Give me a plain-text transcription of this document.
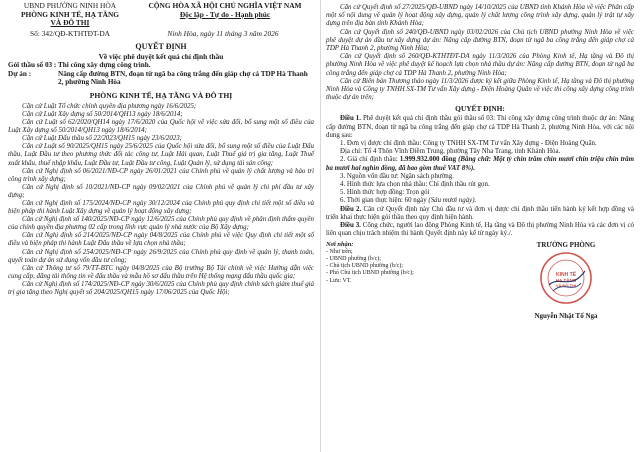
UBND PHƯỜNG NINH HÒA

PHÒNG KINH TẾ, HẠ TẦNG

VÀ ĐÔ THỊ

CỘNG HÒA XÃ HỘI CHỦ NGHĨA VIỆT NAM

Độc lập - Tự do - Hạnh phúc

Số: 342/QĐ-KTHTĐT-DA	Ninh Hòa, ngày 11 tháng 3 năm 2026

QUYẾT ĐỊNH

Về việc phê duyệt kết quả chỉ định thầu

Gói thầu số 03 : Thi công xây dựng công trình.
Dự án :	Nâng cấp đường BTN, đoạn từ ngã ba công trắng đến giáp chợ cá TDP Hà Thanh 2, phường Ninh Hòa

PHÒNG KINH TẾ, HẠ TẦNG VÀ ĐÔ THỊ

Căn cứ Luật Tổ chức chính quyền địa phương ngày 16/6/2025;

Căn cứ Luật Xây dựng số 50/2014/QH13 ngày 18/6/2014;

Căn cứ Luật số 62/2020/QH14 ngày 17/6/2020 của Quốc hội về việc sửa đổi, bổ sung một số điều của Luật Xây dựng số 50/2014/QH13 ngày 18/6/2014;

Căn cứ Luật Đấu thầu số 22/2023/QH15 ngày 23/6/2023;

Căn cứ Luật số 90/2025/QH15 ngày 25/6/2025 của Quốc hội sửa đổi, bổ sung một số điều của Luật Đấu thầu, Luật Đầu tư theo phương thức đối tác công tư, Luật Hải quan, Luật Thuế giá trị gia tăng, Luật Thuế xuất khẩu, thuế nhập khẩu, Luật Đầu tư, Luật Đầu tư công, Luật Quản lý, sử dụng tài sản công;

Căn cứ Nghị định số 06/2021/NĐ-CP ngày 26/01/2021 của Chính phủ về quản lý chất lượng và bảo trì công trình xây dựng;

Căn cứ Nghị định số 10/2021/NĐ-CP ngày 09/02/2021 của Chính phủ về quản lý chi phí đầu tư xây dựng;

Căn cứ Nghị định số 175/2024/NĐ-CP ngày 30/12/2024 của Chính phủ quy định chi tiết một số điều và biện pháp thi hành Luật Xây dựng về quản lý hoạt động xây dựng;

Căn cứ Nghị định số 140/2025/NĐ-CP ngày 12/6/2025 của Chính phủ quy định về phân định thẩm quyền của chính quyền địa phương 02 cấp trong lĩnh vực quản lý nhà nước của Bộ Xây dựng;

Căn cứ Nghị định số 214/2025/NĐ-CP ngày 04/8/2025 của Chính phủ về việc Quy định chi tiết một số điều và biện pháp thi hành Luật Đấu thầu về lựa chọn nhà thầu;

Căn cứ Nghị định số 254/2025/NĐ-CP ngày 26/9/2025 của Chính phủ quy định về quản lý, thanh toán, quyết toán dự án sử dụng vốn đầu tư công;

Căn cứ Thông tư số 79/TT-BTC ngày 04/8/2025 của Bộ trưởng Bộ Tài chính về việc Hướng dẫn việc cung cấp, đăng tải thông tin về đấu thầu và mẫu hồ sơ đấu thầu trên Hệ thống mạng đấu thầu quốc gia;

Căn cứ Nghị định số 174/2025/NĐ-CP ngày 30/6/2025 của Chính phủ quy định chính sách giảm thuế giá trị gia tăng theo Nghị quyết số 204/2025/QH15 ngày 17/06/2025 của Quốc Hội;

Căn cứ Quyết định số 27/2025/QĐ-UBND ngày 14/10/2025 của UBND tỉnh Khánh Hòa về việc Phân cấp một số nội dung về quản lý hoạt động xây dựng, quản lý chất lượng công trình xây dựng, quản lý trật tự xây dựng trên địa bàn tỉnh Khánh Hòa;

Căn cứ Quyết định số 240/QĐ-UBND ngày 03/02/2026 của Chủ tịch UBND phường Ninh Hòa về việc phê duyệt dự án đầu tư xây dựng dự án: Nâng cấp đường BTN, đoạn từ ngã ba công trắng đến giáp chợ cá TDP Hà Thanh 2, phường Ninh Hòa;

Căn cứ Quyết định số 260/QĐ-KTHTĐT-DA ngày 11/3/2026 của Phòng Kinh tế, Hạ tầng và Đô thị phường Ninh Hòa về việc phê duyệt kế hoạch lựa chọn nhà thầu dự án: Nâng cấp đường BTN, đoạn từ ngã ba công trắng đến giáp chợ cá TDP Hà Thanh 2, phường Ninh Hòa;

Căn cứ Biên bản Thương thảo ngày 11/3/2026 được ký kết giữa Phòng Kinh tế, Hạ tầng và Đô thị phường Ninh Hòa và Công ty TNHH SX-TM Tư vấn Xây dựng - Điện Hoàng Quân về việc thi công xây dựng công trình thuộc dự án trên;

QUYẾT ĐỊNH:

Điều 1. Phê duyệt kết quả chỉ định thầu gói thầu số 03: Thi công xây dựng công trình thuộc dự án: Nâng cấp đường BTN, đoạn từ ngã ba công trắng đến giáp chợ cá TDP Hà Thanh 2, phường Ninh Hòa, với các nội dung sau:

1. Đơn vị được chỉ định thầu: Công ty TNHH SX-TM Tư vấn Xây dựng - Điện Hoàng Quân.

Địa chỉ: Tổ 4 Thôn Vĩnh Điềm Trung, phường Tây Nha Trang, tỉnh Khánh Hòa.

2. Giá chỉ định thầu: 1.999.932.000 đồng (Bằng chữ: Một tỷ chín trăm chín mươi chín triệu chín trăm ba mươi hai nghìn đồng, đã bao gồm thuế VAT 8%).

3. Nguồn vốn đầu tư: Ngân sách phường.

4. Hình thức lựa chọn nhà thầu: Chỉ định thầu rút gọn.

5. Hình thức hợp đồng: Trọn gói

6. Thời gian thực hiện: 60 ngày (Sáu mươi ngày).

Điều 2. Căn cứ Quyết định này Chủ đầu tư và đơn vị được chỉ định thầu tiến hành ký kết hợp đồng và triển khai thực hiện gói thầu theo quy định hiện hành.

Điều 3. Công chức, người lao động Phòng Kinh tế, Hạ tầng và Đô thị phường Ninh Hòa và các đơn vị có liên quan chịu trách nhiệm thi hành Quyết định này kể từ ngày ký./.

Nơi nhận:

- Như trên;

- UBND phường (b/c);

- Chủ tịch UBND phường (b/c);

- Phó Chủ tịch UBND phường (b/c);

- Lưu: VT.

TRƯỞNG PHÒNG

KINH TẾ
HẠ TẦNG
VÀ ĐÔ THỊ

Nguyễn Nhật Tố Nga
